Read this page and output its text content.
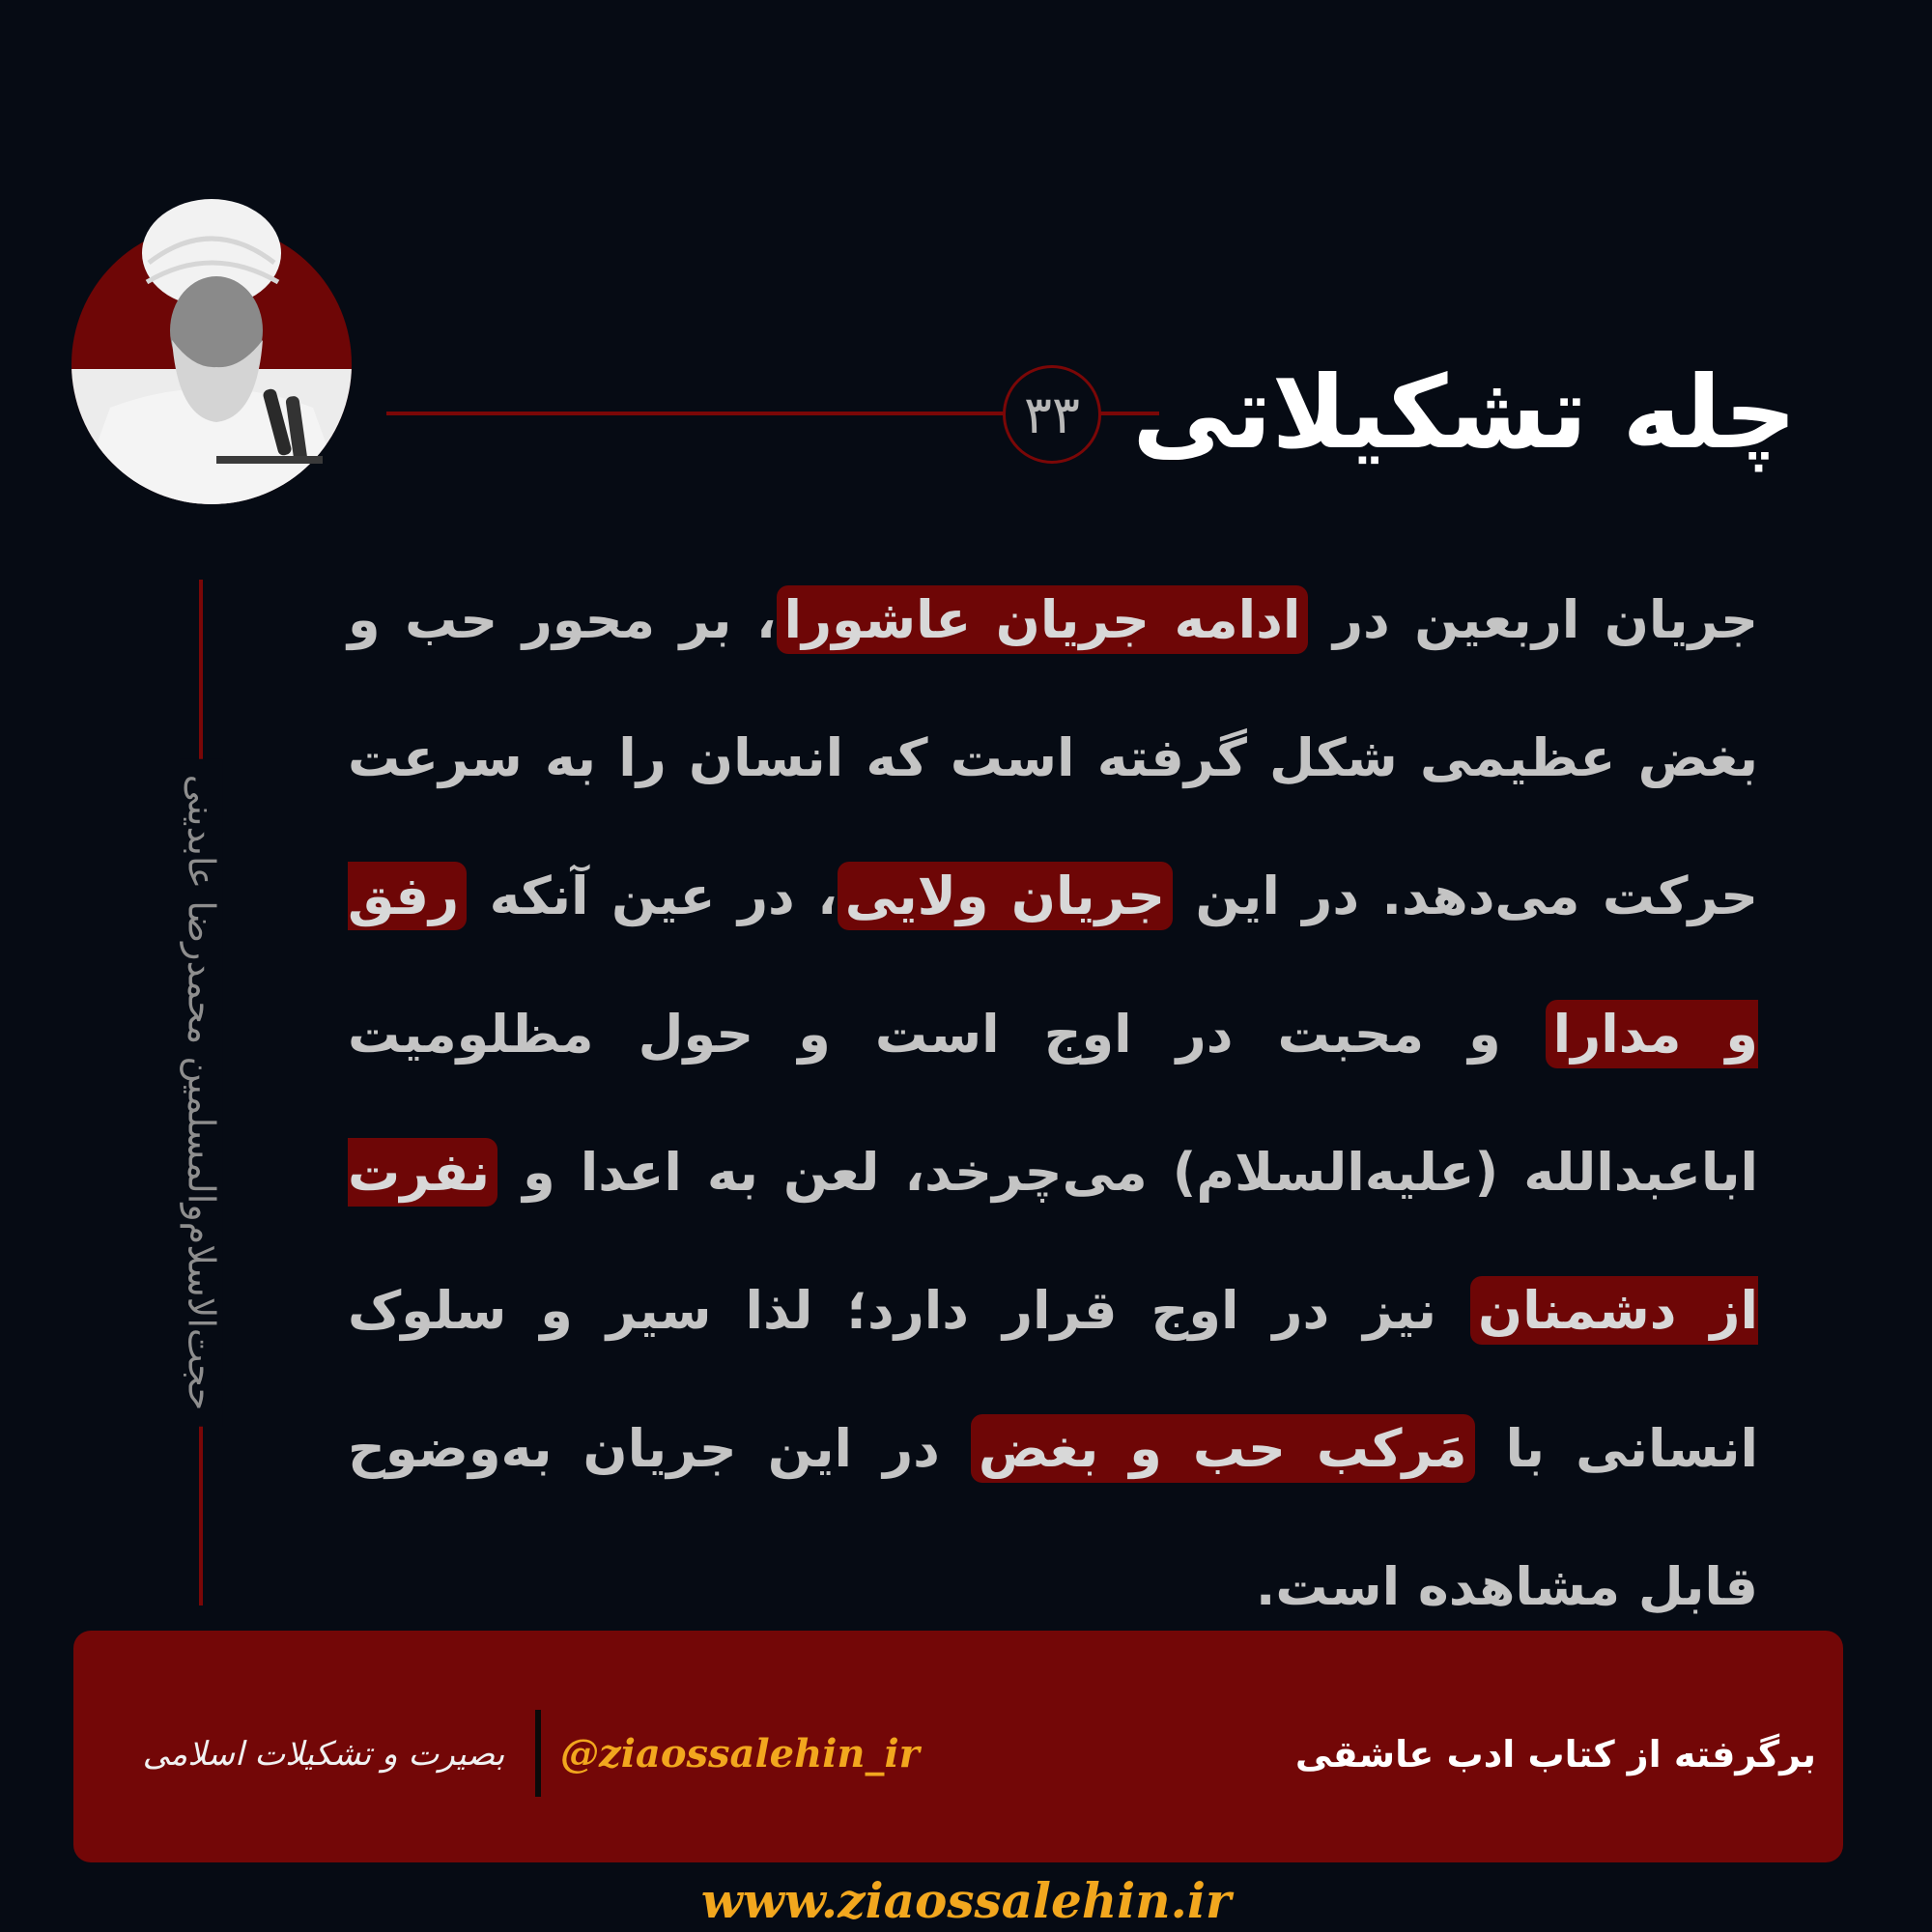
حجت‌الاسلام‌والمسلمین محمدرضا عابدینی
۳۳ چله تشکیلاتی
جریان اربعین در ادامه جریان عاشورا، بر محور حب و بغض عظیمی شکل گرفته است که انسان را به سرعت حرکت می‌دهد. در این جریان ولایی، در عین آنکه رفق و مدارا و محبت در اوج است و حول مظلومیت اباعبدالله (علیه‌السلام) می‌چرخد، لعن به اعدا و نفرت از دشمنان نیز در اوج قرار دارد؛ لذا سیر و سلوک انسانی با مَرکب حب و بغض در این جریان به‌وضوح قابل مشاهده است.
برگرفته از کتاب ادب عاشقی
@ziaossalehin_ir
بصیرت و تشکیلات اسلامی
www.ziaossalehin.ir
